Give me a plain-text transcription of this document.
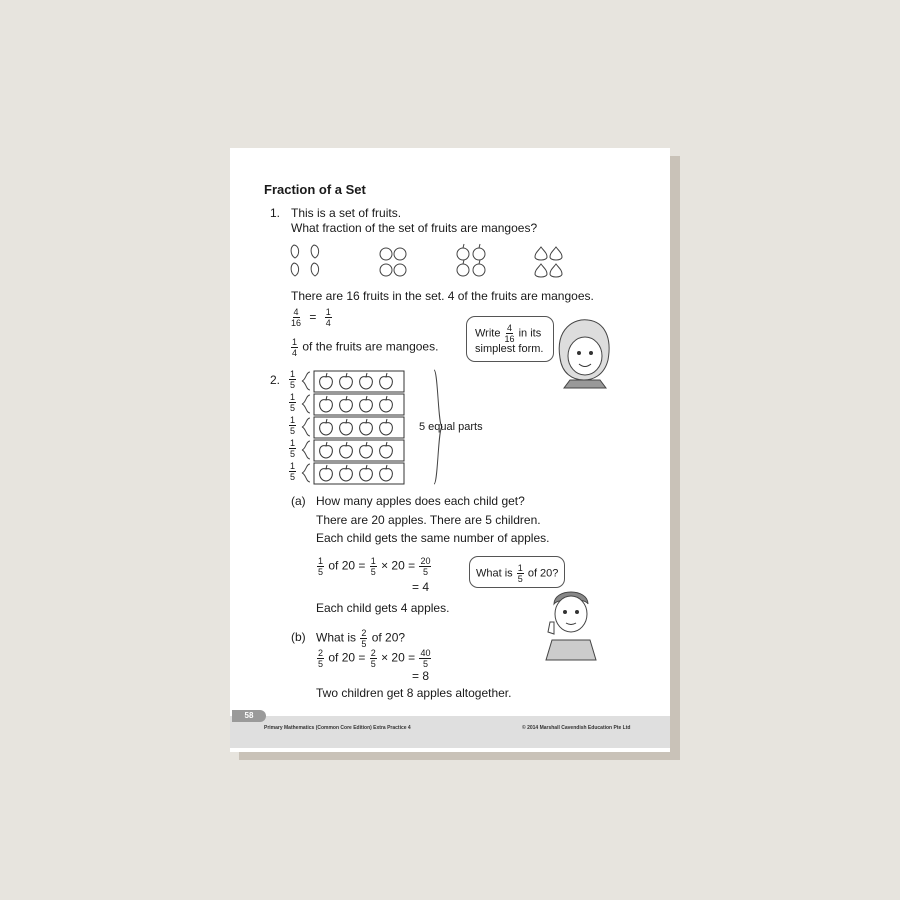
Fraction of a Set
1. This is a set of fruits.
What fraction of the set of fruits are mangoes?
There are 16 fruits in the set. 4 of the fruits are mangoes.
$\frac{4}{16} = \frac{1}{4}$
$\frac{1}{4}$ of the fruits are mangoes.
Write $\frac{4}{16}$ in its
simplest form.
2. $\frac{1}{5}$
$\frac{1}{5}$
$\frac{1}{5}$
$\frac{1}{5}$
$\frac{1}{5}$
5 equal parts
(a) How many apples does each child get?
There are 20 apples. There are 5 children.
Each child gets the same number of apples.
$\frac{1}{5}$ of $20 = \frac{1}{5} \times 20 = \frac{20}{5}$
= 4
Each child gets 4 apples.
What is $\frac{1}{5}$ of 20?
(b) What is $\frac{2}{5}$ of 20?
$\frac{2}{5}$ of $20 = \frac{2}{5} \times 20 = \frac{40}{5}$
= 8
Two children get 8 apples altogether.
58
Primary Mathematics (Common Core Edition) Extra Practice 4	© 2014 Marshall Cavendish Education Pte Ltd
